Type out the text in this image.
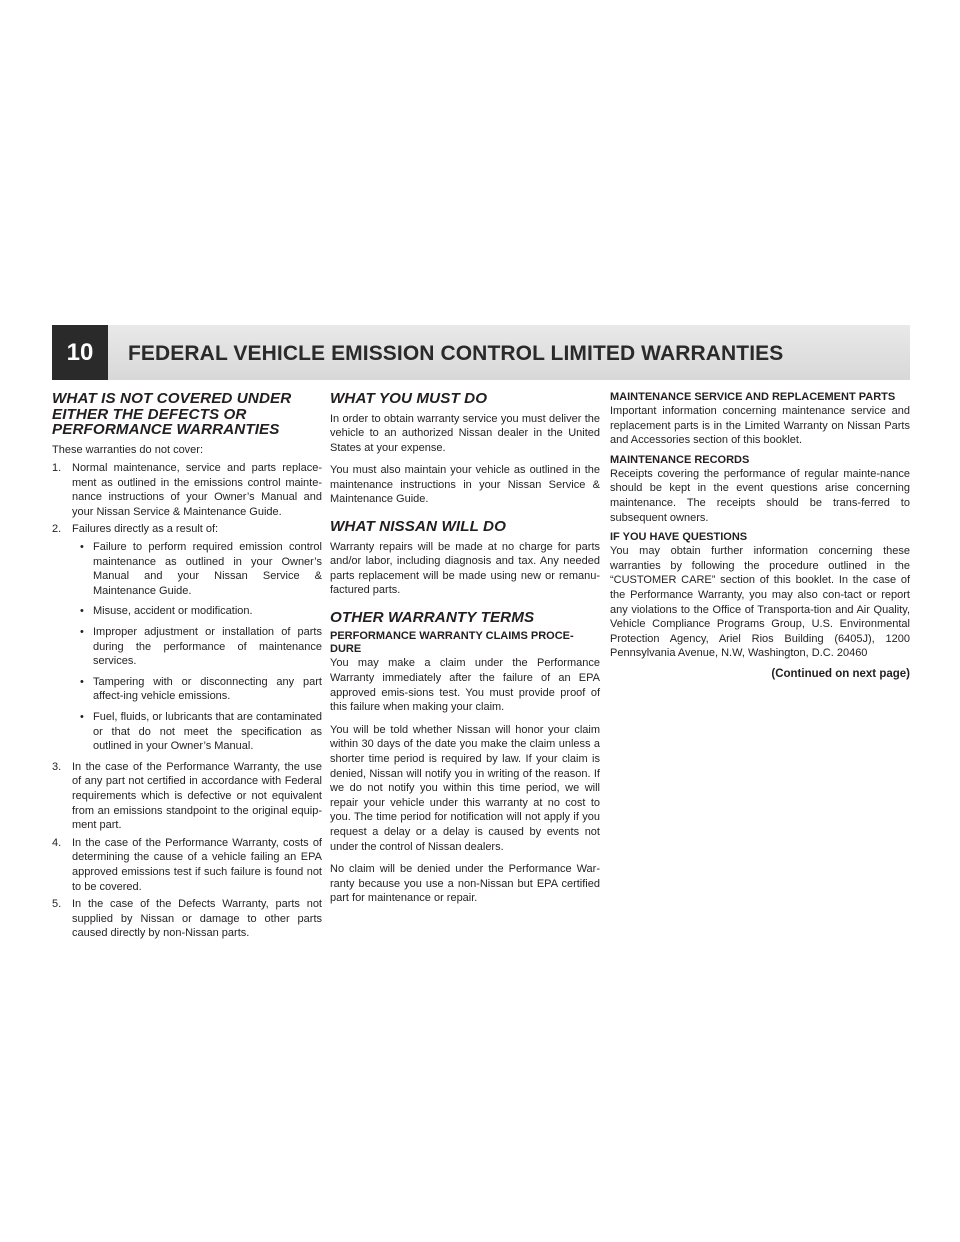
10	FEDERAL VEHICLE EMISSION CONTROL LIMITED WARRANTIES
WHAT IS NOT COVERED UNDER EITHER THE DEFECTS OR PERFORMANCE WARRANTIES

These warranties do not cover:

1. Normal maintenance, service and parts replace-ment as outlined in the emissions control mainte-nance instructions of your Owner’s Manual and your Nissan Service & Maintenance Guide.
2. Failures directly as a result of:
• Failure to perform required emission control maintenance as outlined in your Owner’s Manual and your Nissan Service & Maintenance Guide.
• Misuse, accident or modification.
• Improper adjustment or installation of parts during the performance of maintenance services.
• Tampering with or disconnecting any part affect-ing vehicle emissions.
• Fuel, fluids, or lubricants that are contaminated or that do not meet the specification as outlined in your Owner’s Manual.
3. In the case of the Performance Warranty, the use of any part not certified in accordance with Federal requirements which is defective or not equivalent from an emissions standpoint to the original equip-ment part.
4. In the case of the Performance Warranty, costs of determining the cause of a vehicle failing an EPA approved emissions test if such failure is found not to be covered.
5. In the case of the Defects Warranty, parts not supplied by Nissan or damage to other parts caused directly by non-Nissan parts.
WHAT YOU MUST DO

In order to obtain warranty service you must deliver the vehicle to an authorized Nissan dealer in the United States at your expense.

You must also maintain your vehicle as outlined in the maintenance instructions in your Nissan Service & Maintenance Guide.

WHAT NISSAN WILL DO

Warranty repairs will be made at no charge for parts and/or labor, including diagnosis and tax. Any needed parts replacement will be made using new or remanu-factured parts.

OTHER WARRANTY TERMS
PERFORMANCE WARRANTY CLAIMS PROCE-DURE

You may make a claim under the Performance Warranty immediately after the failure of an EPA approved emis-sions test. You must provide proof of this failure when making your claim.

You will be told whether Nissan will honor your claim within 30 days of the date you make the claim unless a shorter time period is required by law. If your claim is denied, Nissan will notify you in writing of the reason. If we do not notify you within this time period, we will repair your vehicle under this warranty at no cost to you. The time period for notification will not apply if you request a delay or a delay is caused by events not under the control of Nissan dealers.

No claim will be denied under the Performance War-ranty because you use a non-Nissan but EPA certified part for maintenance or repair.

MAINTENANCE SERVICE AND REPLACEMENT PARTS

Important information concerning maintenance service and replacement parts is in the Limited Warranty on Nissan Parts and Accessories section of this booklet.

MAINTENANCE RECORDS

Receipts covering the performance of regular mainte-nance should be kept in the event questions arise concerning maintenance. The receipts should be trans-ferred to subsequent owners.

IF YOU HAVE QUESTIONS

You may obtain further information concerning these warranties by following the procedure outlined in the “CUSTOMER CARE” section of this booklet. In the case of the Performance Warranty, you may also con-tact or report any violations to the Office of Transporta-tion and Air Quality, Vehicle Compliance Programs Group, U.S. Environmental Protection Agency, Ariel Rios Building (6405J), 1200 Pennsylvania Avenue, N.W, Washington, D.C. 20460

(Continued on next page)
